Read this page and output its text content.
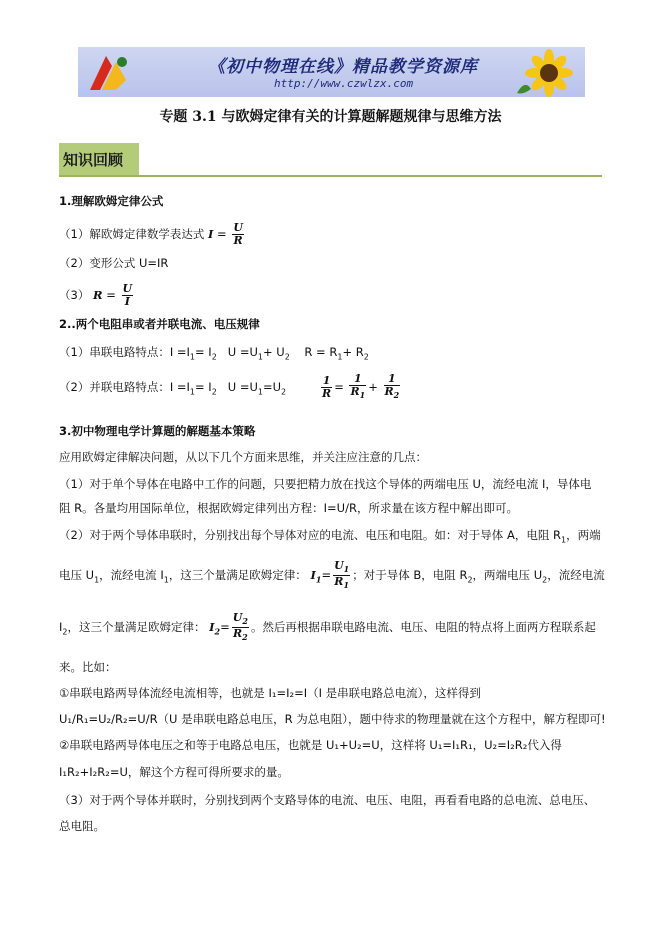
《初中物理在线》精品教学资源库
http://www.czwlzx.com
专题 3.1 与欧姆定律有关的计算题解题规律与思维方法
知识回顾
1.理解欧姆定律公式
（1）解欧姆定律数学表达式 $I = \frac{U}{R}$
（2）变形公式 U=IR
（3） $R = \frac{U}{I}$
2..两个电阻串或者并联电流、电压规律
（1）串联电路特点：$I =I_1= I_2$   $U =U_1+ U_2$    $R = R_1+ R_2$
（2）并联电路特点：$I =I_1= I_2$   $U =U_1=U_2$	$\frac{1}{R} = \frac{1}{R_1} + \frac{1}{R_2}$
3.初中物理电学计算题的解题基本策略
应用欧姆定律解决问题，从以下几个方面来思维，并关注应注意的几点：
（1）对于单个导体在电路中工作的问题，只要把精力放在找这个导体的两端电压 U，流经电流 I，导体电
阻 R。各量均用国际单位，根据欧姆定律列出方程：I=U/R，所求量在该方程中解出即可。
（2）对于两个导体串联时，分别找出每个导体对应的电流、电压和电阻。如：对于导体 A，电阻 $R_1$，两端
电压 $U_1$，流经电流 $I_1$，这三个量满足欧姆定律： $I_1= \frac{U_1}{R_1}$ ；对于导体 B，电阻 $R_2$，两端电压 $U_2$，流经电流
$I_2$，这三个量满足欧姆定律： $I_2= \frac{U_2}{R_2}$ 。然后再根据串联电路电流、电压、电阻的特点将上面两方程联系起
来。比如：
①串联电路两导体流经电流相等，也就是 I₁=I₂=I（I 是串联电路总电流），这样得到
U₁/R₁=U₂/R₂=U/R（U 是串联电路总电压，R 为总电阻），题中待求的物理量就在这个方程中，解方程即可!
②串联电路两导体电压之和等于电路总电压，也就是 U₁+U₂=U，这样将 U₁=I₁R₁，U₂=I₂R₂代入得
I₁R₂+I₂R₂=U，解这个方程可得所要求的量。
（3）对于两个导体并联时，分别找到两个支路导体的电流、电压、电阻，再看看电路的总电流、总电压、
总电阻。
